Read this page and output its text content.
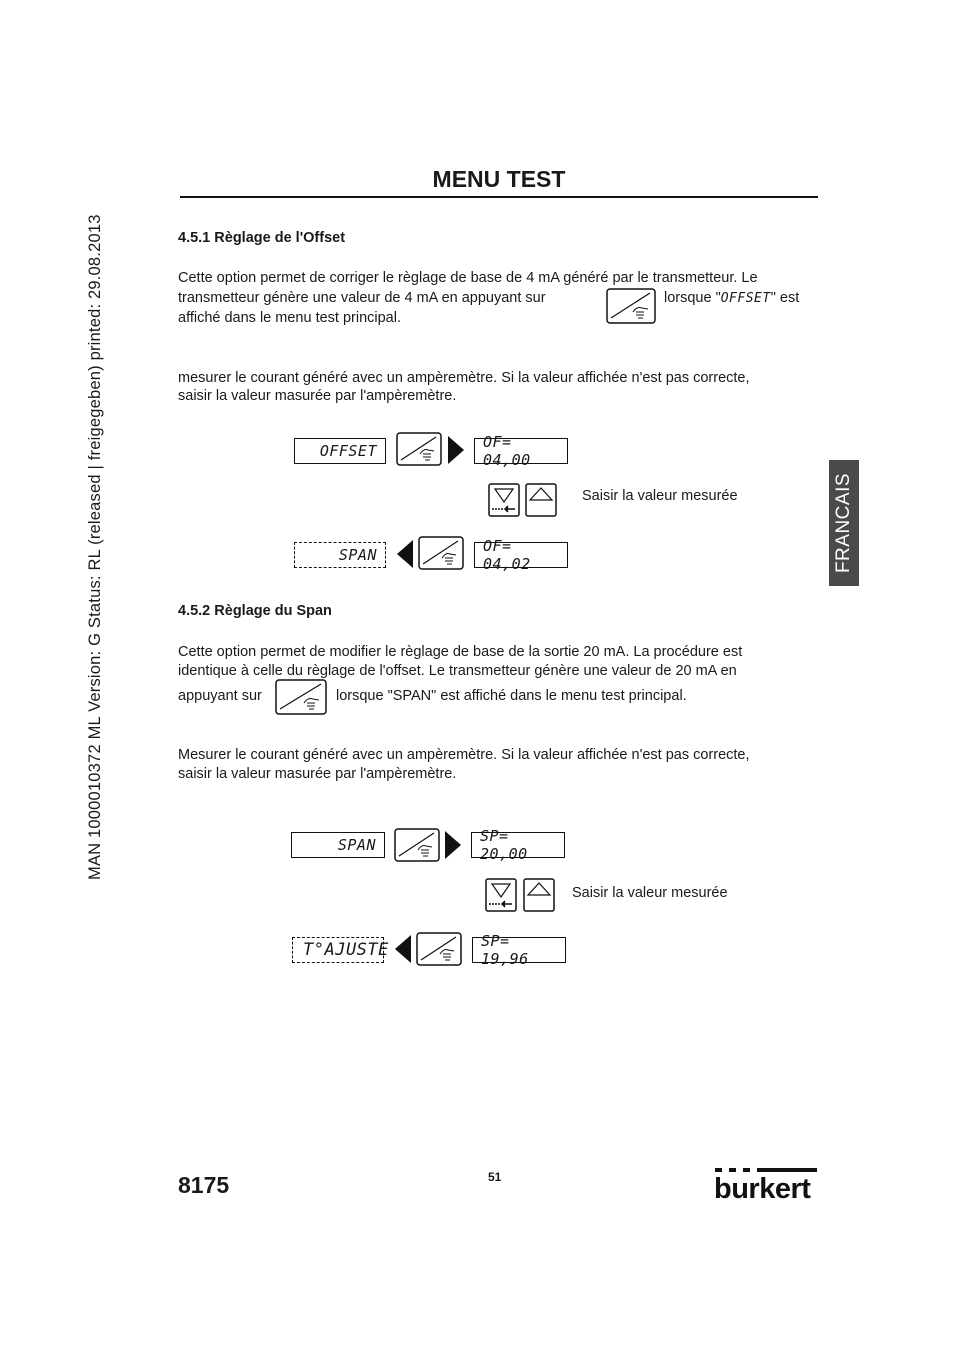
MAN 1000010372 ML Version: G Status: RL (released | freigegeben) printed: 29.08.2013
MENU TEST
FRANCAIS
4.5.1 Règlage de l'Offset
Cette option permet de corriger le règlage de base de 4 mA généré par le transmetteur. Le
transmetteur génère une valeur de 4 mA en appuyant sur	lorsque "OFFSET" est
affiché dans le menu test principal.
mesurer le courant généré avec un ampèremètre. Si la valeur affichée n'est pas correcte,
saisir la valeur masurée par l'ampèremètre.
OFFSET	OF= 04,00
Saisir la valeur mesurée
SPAN	OF= 04,02
4.5.2 Règlage du Span
Cette option permet de modifier le règlage de base de la sortie 20 mA. La procédure est
identique à celle du règlage de l'offset. Le transmetteur génère une valeur de 20 mA en
appuyant sur	lorsque "SPAN" est affiché dans le menu test principal.
Mesurer le courant généré avec un ampèremètre. Si la valeur affichée n'est pas correcte,
saisir la valeur masurée par l'ampèremètre.
SPAN	SP= 20,00
Saisir la valeur mesurée
T°AJUSTE	SP= 19,96
8175	51	burkert
